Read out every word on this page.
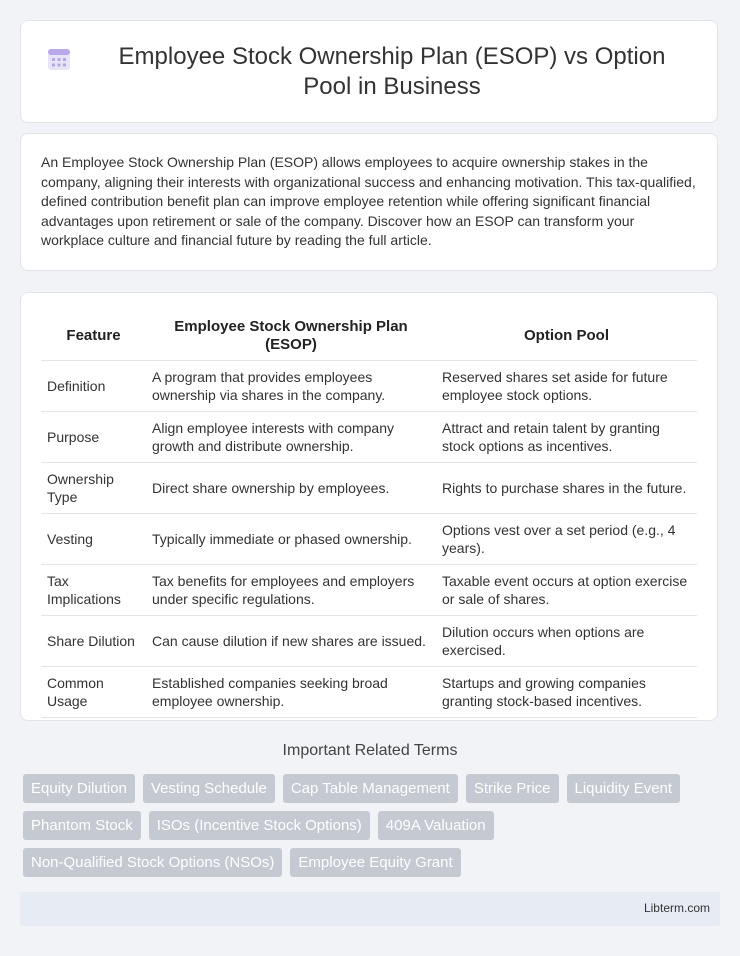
Employee Stock Ownership Plan (ESOP) vs Option Pool in Business

An Employee Stock Ownership Plan (ESOP) allows employees to acquire ownership stakes in the company, aligning their interests with organizational success and enhancing motivation. This tax-qualified, defined contribution benefit plan can improve employee retention while offering significant financial advantages upon retirement or sale of the company. Discover how an ESOP can transform your workplace culture and financial future by reading the full article.

Feature	Employee Stock Ownership Plan (ESOP)	Option Pool
Definition	A program that provides employees ownership via shares in the company.	Reserved shares set aside for future employee stock options.
Purpose	Align employee interests with company growth and distribute ownership.	Attract and retain talent by granting stock options as incentives.
Ownership Type	Direct share ownership by employees.	Rights to purchase shares in the future.
Vesting	Typically immediate or phased ownership.	Options vest over a set period (e.g., 4 years).
Tax Implications	Tax benefits for employees and employers under specific regulations.	Taxable event occurs at option exercise or sale of shares.
Share Dilution	Can cause dilution if new shares are issued.	Dilution occurs when options are exercised.
Common Usage	Established companies seeking broad employee ownership.	Startups and growing companies granting stock-based incentives.
Important Related Terms
Equity Dilution	Vesting Schedule	Cap Table Management	Strike Price	Liquidity Event
Phantom Stock	ISOs (Incentive Stock Options)	409A Valuation
Non-Qualified Stock Options (NSOs)	Employee Equity Grant
Libterm.com
